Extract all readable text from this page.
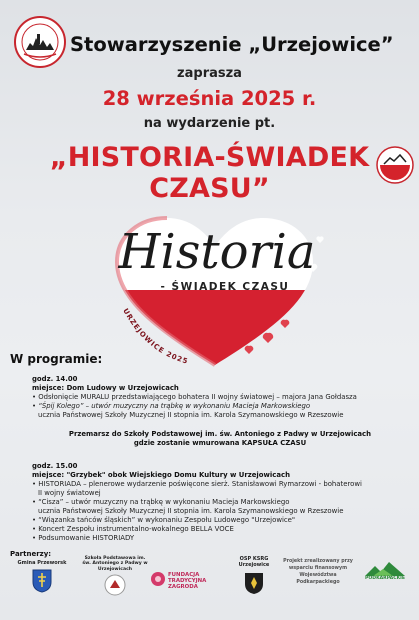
Stowarzyszenie „Urzejowice”
zaprasza
28 września 2025 r.
na wydarzenie pt.
„HISTORIA-ŚWIADEK CZASU”
Historia
- ŚWIADEK CZASU
URZEJOWICE 2025
W programie:
godz. 14.00
miejsce: Dom Ludowy w Urzejowicach
• Odsłonięcie MURALU przedstawiającego bohatera II wojny światowej – majora Jana Gołdasza
• “Śpij Kolego” – utwór muzyczny na trąbkę w wykonaniu Macieja Markowskiego
ucznia Państwowej Szkoły Muzycznej II stopnia im. Karola Szymanowskiego w Rzeszowie
Przemarsz do Szkoły Podstawowej im. św. Antoniego z Padwy w Urzejowicach
gdzie zostanie wmurowana KAPSUŁA CZASU
godz. 15.00
miejsce: "Grzybek" obok Wiejskiego Domu Kultury w Urzejowicach
• HISTORIADA – plenerowe wydarzenie poświęcone sierż. Stanisławowi Rymarzowi - bohaterowi
II wojny światowej
• “Cisza” – utwór muzyczny na trąbkę w wykonaniu Macieja Markowskiego
ucznia Państwowej Szkoły Muzycznej II stopnia im. Karola Szymanowskiego w Rzeszowie
• “Wiązanka tańców śląskich” w wykonaniu Zespołu Ludowego "Urzejowice"
• Koncert Zespołu instrumentalno-wokalnego BELLA VOCE
• Podsumowanie HISTORIADY
Partnerzy:
Gmina Przeworsk
Szkoła Podstawowa im. św. Antoniego z Padwy w Urzejowicach
FUNDACJA TRADYCYJNA ZAGRODA
OSP KSRG Urzejowice
Projekt zrealizowany przy wsparciu finansowym Województwa Podkarpackiego
PODKARPACKIE
